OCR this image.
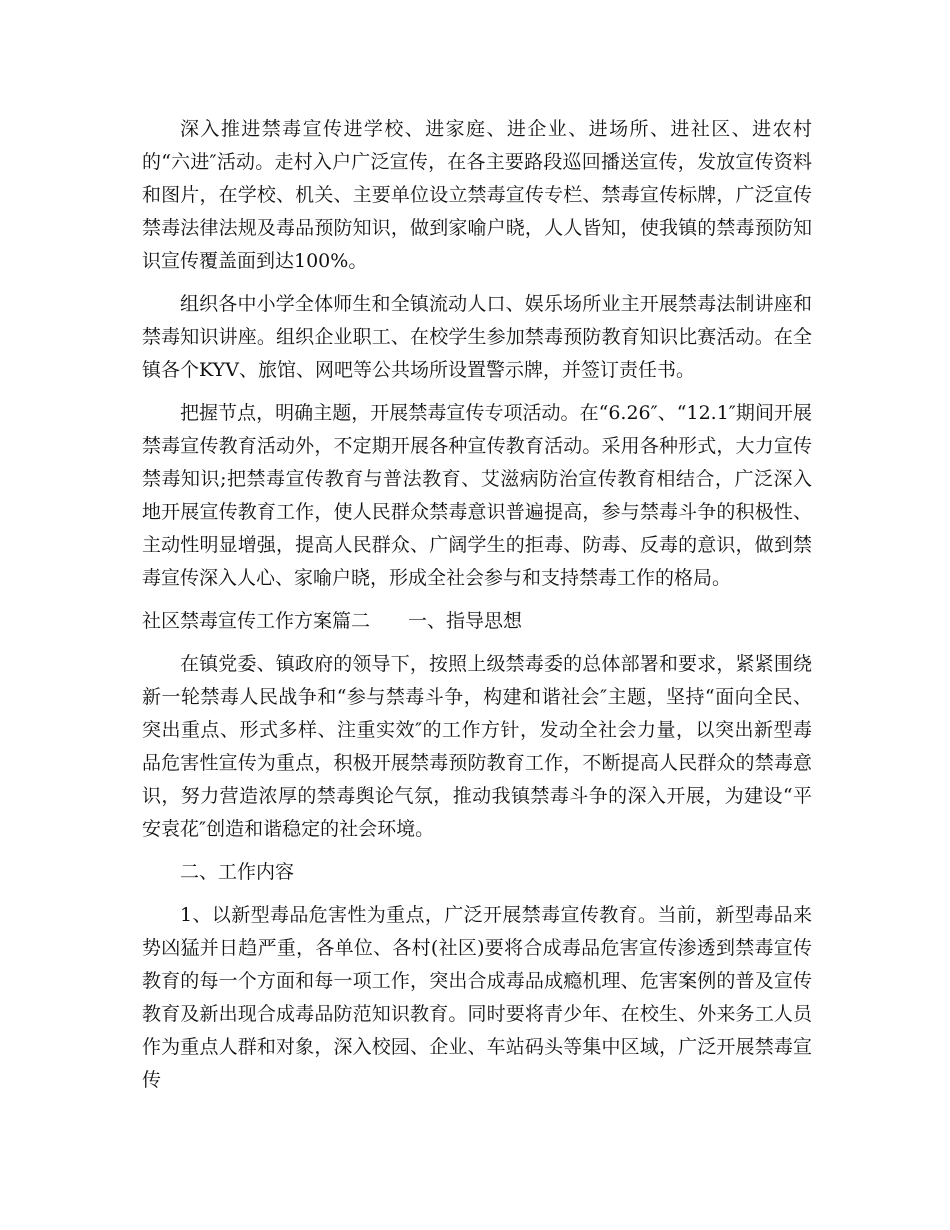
深入推进禁毒宣传进学校、进家庭、进企业、进场所、进社区、进农村的“六进″活动。走村入户广泛宣传，在各主要路段巡回播送宣传，发放宣传资料和图片，在学校、机关、主要单位设立禁毒宣传专栏、禁毒宣传标牌，广泛宣传禁毒法律法规及毒品预防知识，做到家喻户晓，人人皆知，使我镇的禁毒预防知识宣传覆盖面到达100%。

组织各中小学全体师生和全镇流动人口、娱乐场所业主开展禁毒法制讲座和禁毒知识讲座。组织企业职工、在校学生参加禁毒预防教育知识比赛活动。在全镇各个KYV、旅馆、网吧等公共场所设置警示牌，并签订责任书。

把握节点，明确主题，开展禁毒宣传专项活动。在“6.26″、“12.1″期间开展禁毒宣传教育活动外，不定期开展各种宣传教育活动。采用各种形式，大力宣传禁毒知识;把禁毒宣传教育与普法教育、艾滋病防治宣传教育相结合，广泛深入地开展宣传教育工作，使人民群众禁毒意识普遍提高，参与禁毒斗争的积极性、主动性明显增强，提高人民群众、广阔学生的拒毒、防毒、反毒的意识，做到禁毒宣传深入人心、家喻户晓，形成全社会参与和支持禁毒工作的格局。

社区禁毒宣传工作方案篇二 一、指导思想

在镇党委、镇政府的领导下，按照上级禁毒委的总体部署和要求，紧紧围绕新一轮禁毒人民战争和“参与禁毒斗争，构建和谐社会″主题，坚持“面向全民、突出重点、形式多样、注重实效″的工作方针，发动全社会力量，以突出新型毒品危害性宣传为重点，积极开展禁毒预防教育工作，不断提高人民群众的禁毒意识，努力营造浓厚的禁毒舆论气氛，推动我镇禁毒斗争的深入开展，为建设“平安袁花″创造和谐稳定的社会环境。

二、工作内容

1、以新型毒品危害性为重点，广泛开展禁毒宣传教育。当前，新型毒品来势凶猛并日趋严重，各单位、各村(社区)要将合成毒品危害宣传渗透到禁毒宣传教育的每一个方面和每一项工作，突出合成毒品成瘾机理、危害案例的普及宣传教育及新出现合成毒品防范知识教育。同时要将青少年、在校生、外来务工人员作为重点人群和对象，深入校园、企业、车站码头等集中区域，广泛开展禁毒宣传
